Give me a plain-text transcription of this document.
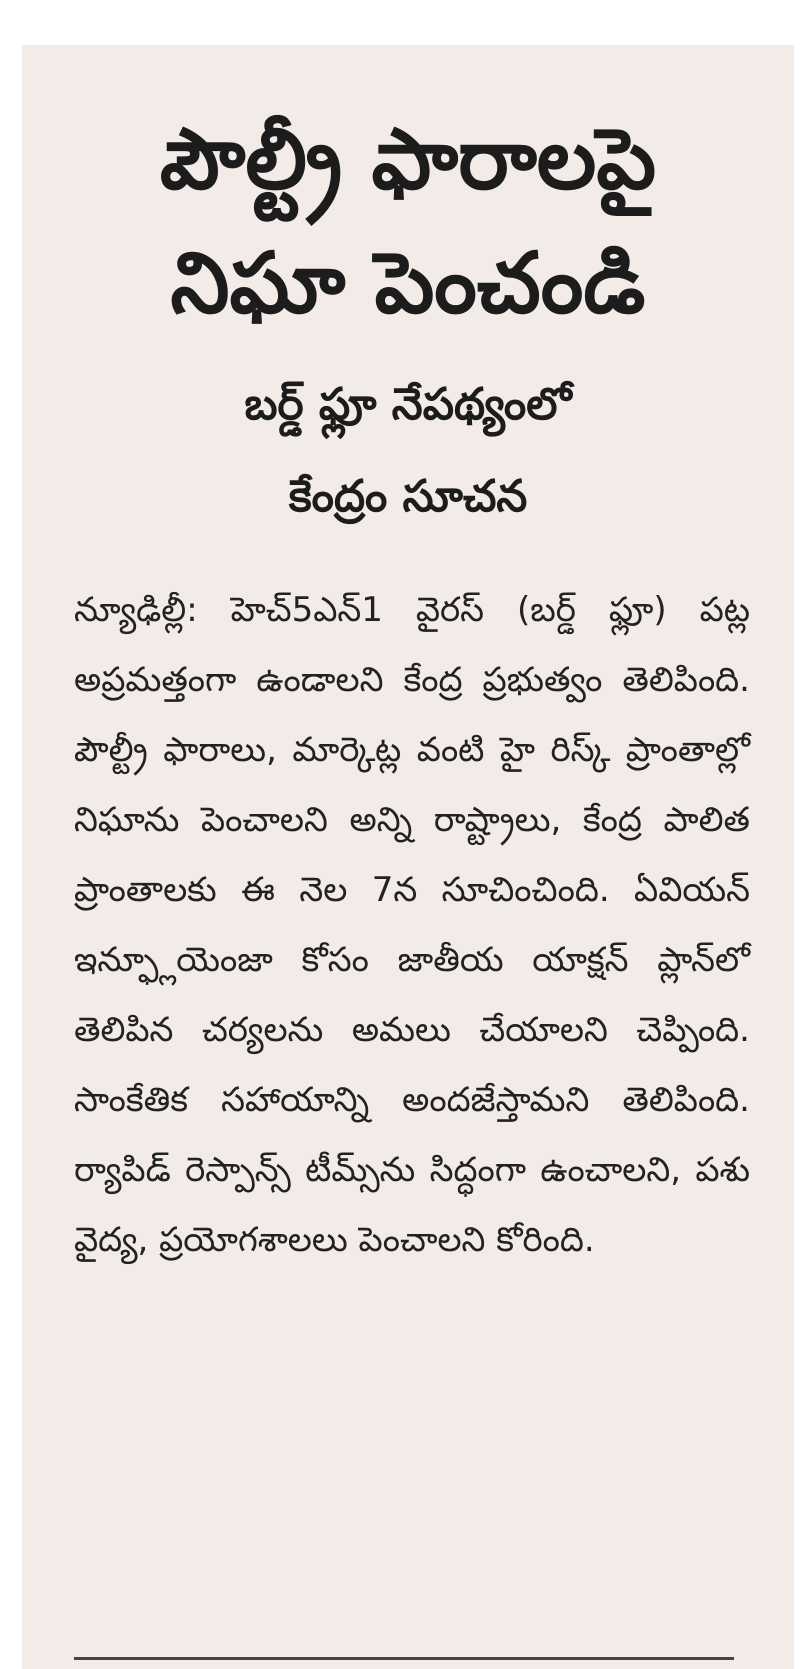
పౌల్ట్రీ ఫారాలపై
నిఘా పెంచండి
బర్డ్ ఫ్లూ నేపథ్యంలో
కేంద్రం సూచన
న్యూఢిల్లీ: హెచ్5ఎన్1 వైరస్ (బర్డ్ ఫ్లూ) పట్ల అప్రమత్తంగా ఉండాలని కేంద్ర ప్రభుత్వం తెలిపింది. పౌల్ట్రీ ఫారాలు, మార్కెట్ల వంటి హై రిస్క్ ప్రాంతాల్లో నిఘాను పెంచాలని అన్ని రాష్ట్రాలు, కేంద్ర పాలిత ప్రాంతాలకు ఈ నెల 7న సూచించింది. ఏవియన్ ఇన్ఫ్లూయెంజా కోసం జాతీయ యాక్షన్ ప్లాన్‌లో తెలిపిన చర్యలను అమలు చేయాలని చెప్పింది. సాంకేతిక సహాయాన్ని అందజేస్తామని తెలిపింది. ర్యాపిడ్ రెస్పాన్స్ టీమ్స్‌ను సిద్ధంగా ఉంచాలని, పశు వైద్య, ప్రయోగశాలలు పెంచాలని కోరింది.
